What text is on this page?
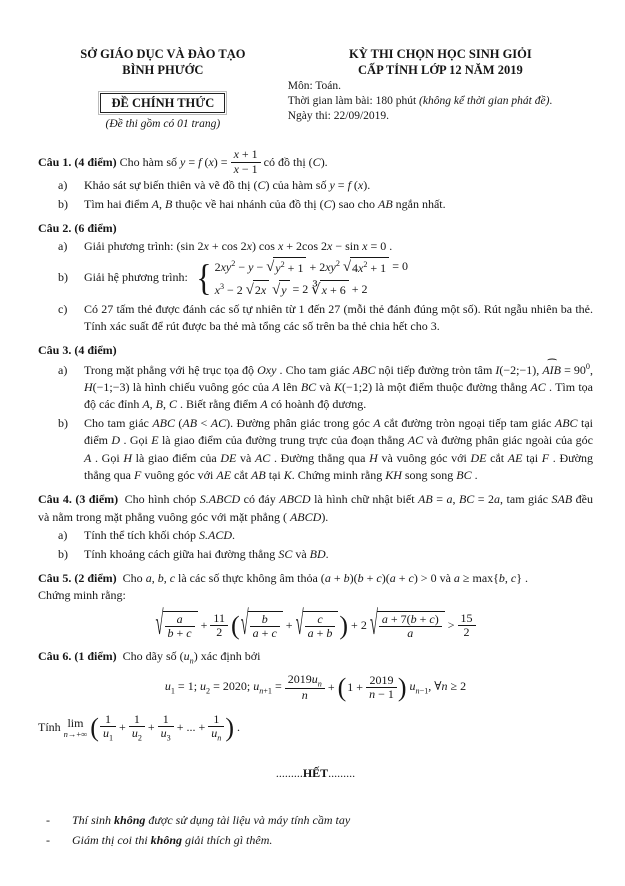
SỞ GIÁO DỤC VÀ ĐÀO TẠO
BÌNH PHƯỚC
ĐỀ CHÍNH THỨC
(Đề thi gồm có 01 trang)
KỲ THI CHỌN HỌC SINH GIỎI
CẤP TỈNH LỚP 12 NĂM 2019
Môn: Toán.
Thời gian làm bài: 180 phút (không kể thời gian phát đề).
Ngày thi: 22/09/2019.
Câu 1. (4 điểm) Cho hàm số y = f $(x) = \frac{x + 1}{x - 1}$ có đồ thị (C).
a)	Khảo sát sự biến thiên và vẽ đồ thị (C) của hàm số y = f (x).
b)	Tìm hai điểm A, B thuộc về hai nhánh của đồ thị (C) sao cho AB ngắn nhất.
Câu 2. (6 điểm)
a)	Giải phương trình: (sin 2x + cos 2x) cos x + 2cos 2x − sin x = 0 .
b)	Giải hệ phương trình:
{ $2xy^2 - y$ − √ $y^2 + 1 + 2xy^2$ √ $4x^2 + 1 = 0$
$x^3 - 2$ √ 2x √ y = 2 ∛ x + 6 + 2
c)	Có 27 tấm thẻ được đánh các số tự nhiên từ 1 đến 27 (mỗi thẻ đánh đúng một số). Rút ngẫu nhiên ba thẻ. Tính xác suất để rút được ba thẻ mà tổng các số trên ba thẻ chia hết cho 3.
Câu 3. (4 điểm)
a)	Trong mặt phẳng với hệ trục tọa độ Oxy . Cho tam giác ABC nội tiếp đường tròn tâm I(−2;−1), ⌢ AIB = $90^0$, H(−1;−3) là hình chiếu vuông góc của A lên BC và K(−1;2) là một điểm thuộc đường thẳng AC . Tìm tọa độ các đỉnh A, B, C . Biết rằng điểm A có hoành độ dương.
b)	Cho tam giác ABC (AB < AC). Đường phân giác trong góc A cắt đường tròn ngoại tiếp tam giác ABC tại điểm D . Gọi E là giao điểm của đường trung trực của đoạn thẳng AC và đường phân giác ngoài của góc A . Gọi H là giao điểm của DE và AC . Đường thẳng qua H và vuông góc với DE cắt AE tại F . Đường thẳng qua F vuông góc với AE cắt AB tại K. Chứng minh rằng KH song song BC .

Câu 4. (3 điểm) Cho hình chóp S.ABCD có đáy ABCD là hình chữ nhật biết AB = a, BC = 2a, tam giác SAB đều và nằm trong mặt phẳng vuông góc với mặt phẳng ( ABCD).

a)	Tính thể tích khối chóp S.ACD.
b)	Tính khoảng cách giữa hai đường thẳng SC và BD.

Câu 5. (2 điểm) Cho a, b, c là các số thực không âm thỏa (a + b)(b + c)(a + c) > 0 và a ≥ max{b, c} .

Chứng minh rằng:
√ $\frac{a}{b + c} + \frac{11}{2}$ √ ( $\frac{b}{a + c}$ + √ $\frac{c}{a + b}$
) + 2 √ $\frac{a + 7(b + c)}{a} > \frac{15}{2}$

Câu 6. (1 điểm) Cho dãy số $(u_n)$ xác định bởi

$u_1 = 1$; $u_2 = 2020$; $u_{n+1} = \frac{2019u_n}{n}$ + ( $1 + \frac{2019}{n - 1}$
) $u_{n-1}$, ∀n ≥ 2
Tính lim
n→+∞ ( $\frac{1}{u_1} + \frac{1}{u_2} + \frac{1}{u_3}$ + ... + $\frac{1}{u_n}$
) .
.........HẾT.........
- Thí sinh không được sử dụng tài liệu và máy tính cầm tay
- Giám thị coi thi không giải thích gì thêm.
